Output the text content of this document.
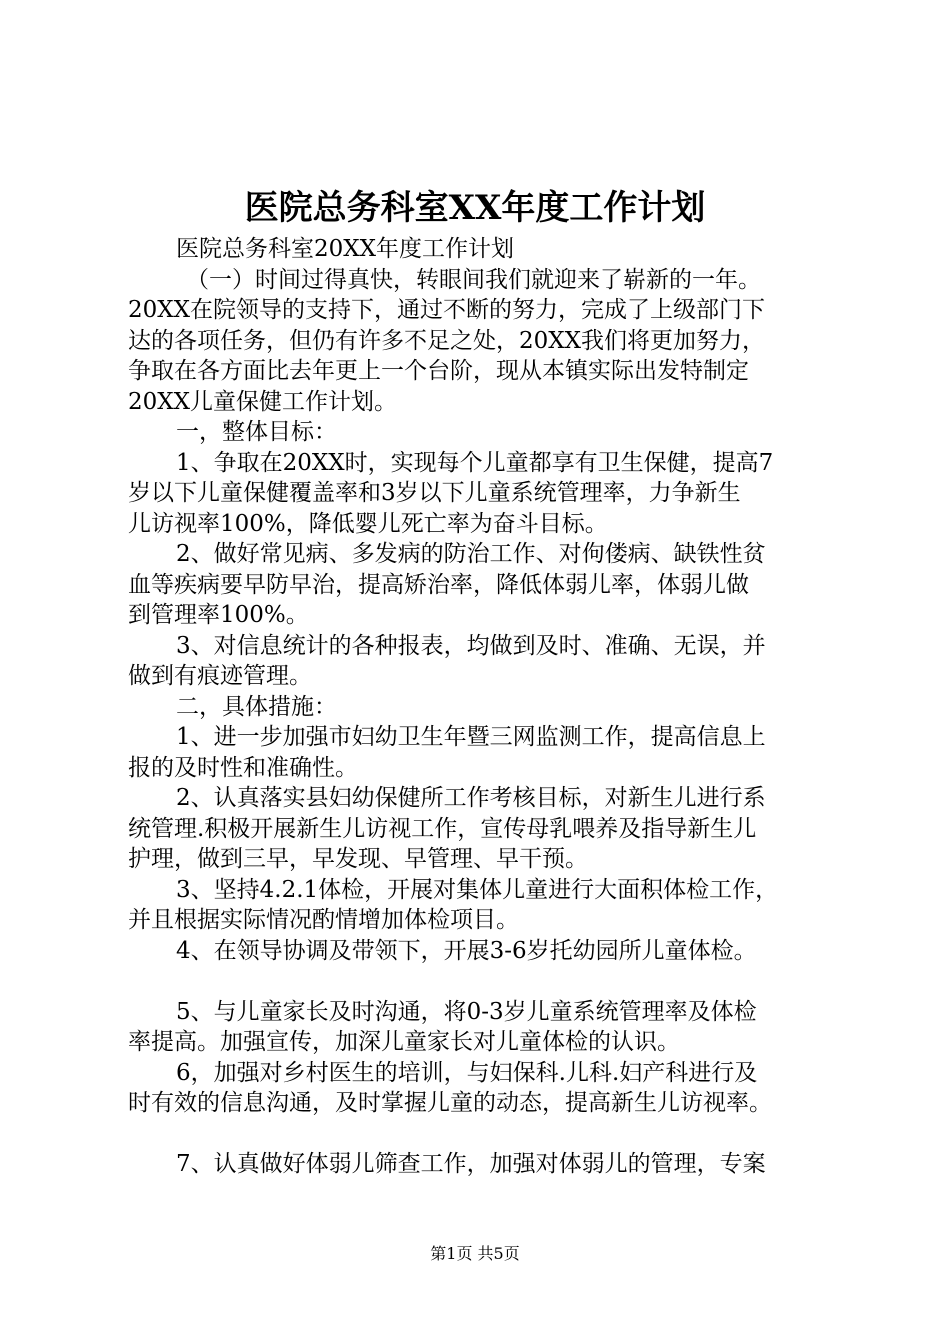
医院总务科室XX年度工作计划
医院总务科室20XX年度工作计划
（一）时间过得真快，转眼间我们就迎来了崭新的一年。
20XX在院领导的支持下，通过不断的努力，完成了上级部门下
达的各项任务，但仍有许多不足之处，20XX我们将更加努力，
争取在各方面比去年更上一个台阶，现从本镇实际出发特制定
20XX儿童保健工作计划。
一，整体目标：
1、争取在20XX时，实现每个儿童都享有卫生保健，提高7
岁以下儿童保健覆盖率和3岁以下儿童系统管理率，力争新生
儿访视率100%，降低婴儿死亡率为奋斗目标。
2、做好常见病、多发病的防治工作、对佝偻病、缺铁性贫
血等疾病要早防早治，提高矫治率，降低体弱儿率，体弱儿做
到管理率100%。
3、对信息统计的各种报表，均做到及时、准确、无误，并
做到有痕迹管理。
二，具体措施：
1、进一步加强市妇幼卫生年暨三网监测工作，提高信息上
报的及时性和准确性。
2、认真落实县妇幼保健所工作考核目标，对新生儿进行系
统管理.积极开展新生儿访视工作，宣传母乳喂养及指导新生儿
护理，做到三早，早发现、早管理、早干预。
3、坚持4.2.1体检，开展对集体儿童进行大面积体检工作，
并且根据实际情况酌情增加体检项目。
4、在领导协调及带领下，开展3-6岁托幼园所儿童体检。
5、与儿童家长及时沟通，将0-3岁儿童系统管理率及体检
率提高。加强宣传，加深儿童家长对儿童体检的认识。
6，加强对乡村医生的培训，与妇保科.儿科.妇产科进行及
时有效的信息沟通，及时掌握儿童的动态，提高新生儿访视率。
7、认真做好体弱儿筛查工作，加强对体弱儿的管理，专案
第1页 共5页
